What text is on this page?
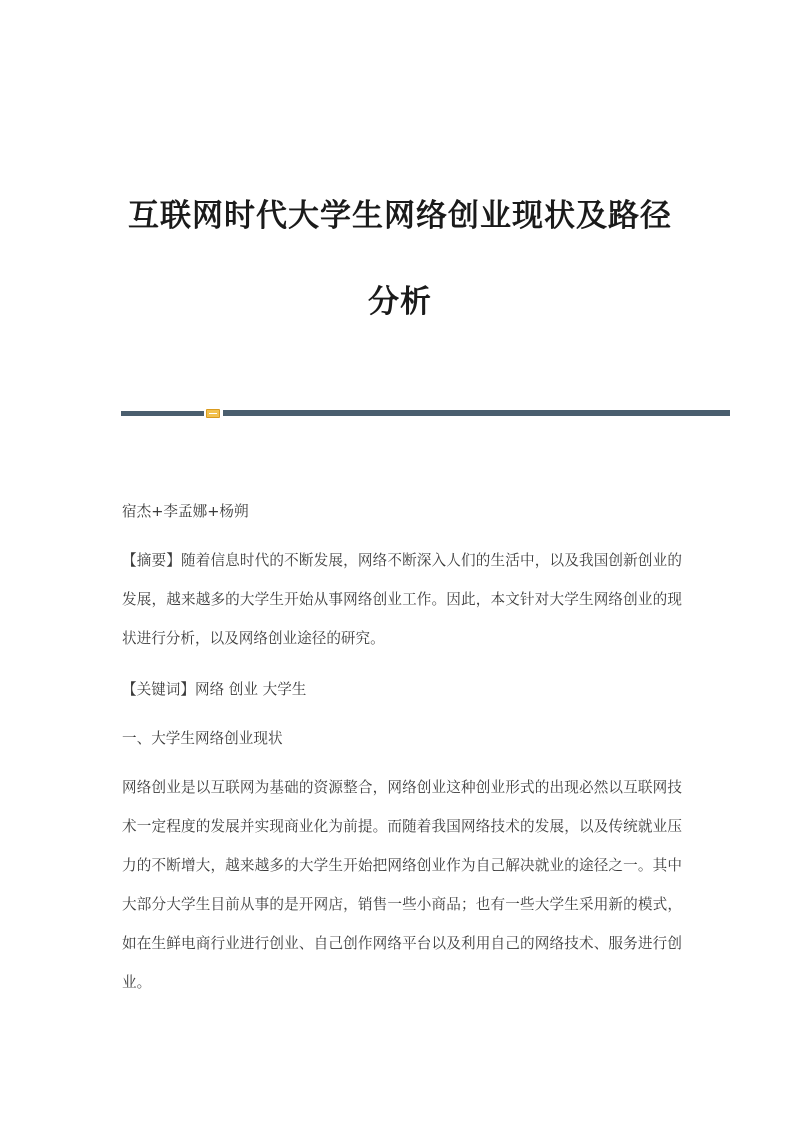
互联网时代大学生网络创业现状及路径
分析

宿杰+李孟娜+杨朔

【摘要】随着信息时代的不断发展，网络不断深入人们的生活中，以及我国创新创业的发展，越来越多的大学生开始从事网络创业工作。因此，本文针对大学生网络创业的现状进行分析，以及网络创业途径的研究。

【关键词】网络 创业 大学生

一、大学生网络创业现状

网络创业是以互联网为基础的资源整合，网络创业这种创业形式的出现必然以互联网技术一定程度的发展并实现商业化为前提。而随着我国网络技术的发展，以及传统就业压力的不断增大，越来越多的大学生开始把网络创业作为自己解决就业的途径之一。其中大部分大学生目前从事的是开网店，销售一些小商品；也有一些大学生采用新的模式，如在生鲜电商行业进行创业、自己创作网络平台以及利用自己的网络技术、服务进行创业。
